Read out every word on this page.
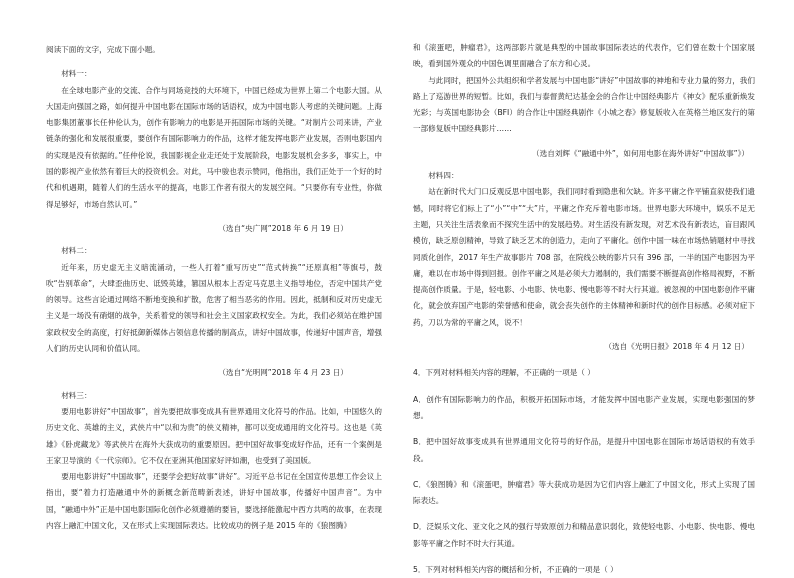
阅读下面的文字，完成下面小题。

材料一：

在全球电影产业的交流、合作与同场竞技的大环境下，中国已经成为世界上第二个电影大国。从大国走向强国之路，如何提升中国电影在国际市场的话语权，成为中国电影人考虑的关键问题。上海电影集团董事长任仲伦认为，创作有影响力的电影是开拓国际市场的关键。“对制片公司来讲，产业链条的强化和发展很重要，要创作有国际影响力的作品，这样才能发挥电影产业发展，否则电影国内的实现是没有依据的。”任仲伦说，我国影视企业走还处于发展阶段，电影发展机会多多，事实上，中国的影视产业依然有着巨大的投资机会。对此，马中骏也表示赞同，他指出，我们正处于一个好的时代和机遇期，随着人们的生活水平的提高，电影工作者有很大的发展空间。“只要你有专业性，你做得足够好，市场自然认可。”

（选自“央广网”2018 年 6 月 19 日）

材料二：

近年来，历史虚无主义暗流涌动，一些人打着“重写历史”“范式转换”“还原真相”等旗号，鼓吹“告别革命”，大肆歪曲历史、诋毁英雄，篡国从根本上否定马克思主义指导地位，否定中国共产党的领导。这些言论通过网络不断地变换和扩散，危害了相当恶劣的作用。因此，抵制和反对历史虚无主义是一场没有硝烟的战争，关系着党的领导和社会主义国家政权安全。为此，我们必须站在维护国家政权安全的高度，打好抵御新媒体占领信息传播的制高点，讲好中国故事，传递好中国声音，增强人们的历史认同和价值认同。

（选自“光明网”2018 年 4 月 23 日）

材料三：

要用电影讲好“中国故事”，首先要把故事变成具有世界通用文化符号的作品。比如，中国悠久的历史文化、英雄的主义，武侠片中“以和为贵”的侠义精神，都可以变成通用的文化符号。这也是《英雄》《卧虎藏龙》等武侠片在海外大获成功的重要原因。把中国好故事变成好作品，还有一个案例是王家卫导演的《一代宗师》。它不仅在亚洲其他国家好评如潮，也受到了美国版。

要用电影讲好“中国故事”，还要学会把好故事“讲好”。习近平总书记在全国宣传思想工作会议上指出，要“着力打造融通中外的新概念新范畴新表述，讲好中国故事，传播好中国声音”。为中国，“融通中外”正是中国电影国际化创作必须遵循的要旨，要选择能激起中西方共鸣的故事，在表现内容上融汇中国文化，又在形式上实现国际表达。比较成功的例子是 2015 年的《狼图腾》

和《滚蛋吧，肿瘤君》，这两部影片就是典型的中国故事国际表达的代表作，它们曾在数十个国家展映，看到国外观众的中国色调里面融合了东方和心灵。

与此同时，把国外公共组织和学者发展与中国电影“讲好”中国故事的神地和专业力量的努力，我们路上了巡游世界的短暂。比如，我们与泰督黄纪达基金会的合作让中国经典影片《神女》配乐重新焕发光彩；与英国电影协会（BFI）的合作让中国经典剧作《小城之春》修复版收入在英格兰地区发行的第一部修复版中国经典影片……

（选自刘辉《“融通中外”，如何用电影在海外讲好“中国故事”》）

材料四：

站在新时代大门口反观反思中国电影，我们同时看到隐患和欠缺。许多平庸之作平铺直叙使我们遗憾，同时将它们标上了“小”“中”“大”片，平庸之作充斥着电影市场。世界电影大环境中，娱乐不足无主题，只关注生活表象而不探究生活中的发展趋势。对生活没有新发现，对艺术没有新表达，盲目跟风模仿，缺乏原创精神，导致了缺乏艺术的创造力，走向了平庸化。创作中国一味在市场热销题材中寻找同质化创作，2017 年生产故事影片 708 部，在院线公映的影片只有 396 部，一半的国产电影因为平庸，难以在市场中得到回报。创作平庸之风是必须大力遏制的，我们需要不断提高创作格局视野，不断提高创作质量。于是，轻电影、小电影、快电影、慢电影等不时大行其道。被忽视的中国电影创作平庸化，就会放弃国产电影的荣誉感和使命，就会丧失创作的主体精神和新时代的创作目标感。必须对症下药，刀以为常的平庸之风，说不！

（选自《光明日报》2018 年 4 月 12 日）

4．下列对材料相关内容的理解，不正确的一项是（ ）

A．创作有国际影响力的作品，积极开拓国际市场，才能发挥中国电影产业发展，实现电影强国的梦想。

B．把中国好故事变成具有世界通用文化符号的好作品，是提升中国电影在国际市场话语权的有效手段。

C．《狼图腾》和《滚蛋吧，肿瘤君》等大获成功是因为它们内容上融汇了中国文化，形式上实现了国际表达。

D．泛娱乐文化、亚文化之风的强行导致原创力和精品意识弱化，致使轻电影、小电影、快电影、慢电影等平庸之作时不时大行其道。

5．下列对材料相关内容的概括和分析，不正确的一项是（ ）
